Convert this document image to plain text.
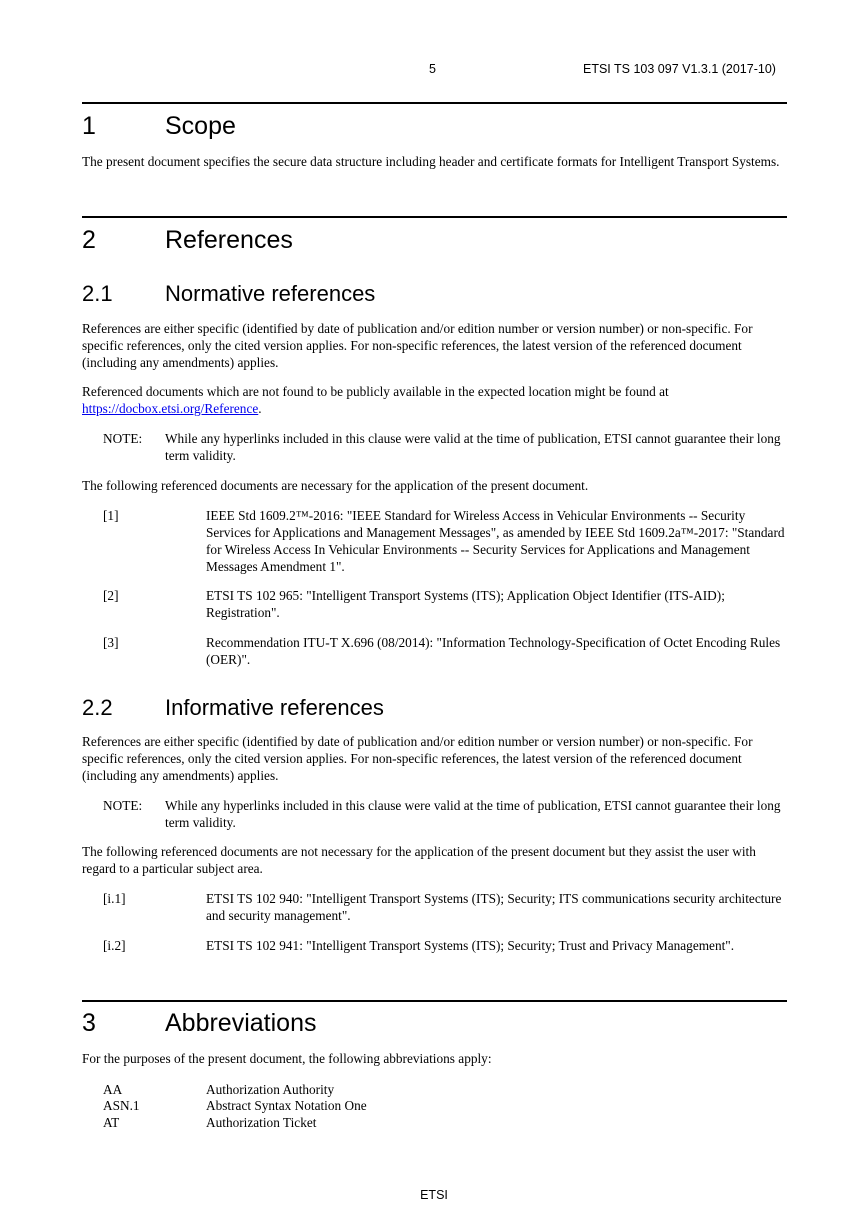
5	ETSI TS 103 097 V1.3.1 (2017-10)
1	Scope
The present document specifies the secure data structure including header and certificate formats for Intelligent Transport Systems.
2	References
2.1 Normative references
References are either specific (identified by date of publication and/or edition number or version number) or non-specific. For specific references, only the cited version applies. For non-specific references, the latest version of the referenced document (including any amendments) applies.
Referenced documents which are not found to be publicly available in the expected location might be found at https://docbox.etsi.org/Reference.
NOTE: While any hyperlinks included in this clause were valid at the time of publication, ETSI cannot guarantee their long term validity.
The following referenced documents are necessary for the application of the present document.
[1]	IEEE Std 1609.2™-2016: "IEEE Standard for Wireless Access in Vehicular Environments -- Security Services for Applications and Management Messages", as amended by IEEE Std 1609.2a™-2017: "Standard for Wireless Access In Vehicular Environments -- Security Services for Applications and Management Messages Amendment 1".
[2]	ETSI TS 102 965: "Intelligent Transport Systems (ITS); Application Object Identifier (ITS-AID); Registration".
[3]	Recommendation ITU-T X.696 (08/2014): "Information Technology-Specification of Octet Encoding Rules (OER)".
2.2 Informative references
References are either specific (identified by date of publication and/or edition number or version number) or non-specific. For specific references, only the cited version applies. For non-specific references, the latest version of the referenced document (including any amendments) applies.
NOTE: While any hyperlinks included in this clause were valid at the time of publication, ETSI cannot guarantee their long term validity.
The following referenced documents are not necessary for the application of the present document but they assist the user with regard to a particular subject area.
[i.1]	ETSI TS 102 940: "Intelligent Transport Systems (ITS); Security; ITS communications security architecture and security management".
[i.2]	ETSI TS 102 941: "Intelligent Transport Systems (ITS); Security; Trust and Privacy Management".
3	Abbreviations
For the purposes of the present document, the following abbreviations apply:
AA	Authorization Authority
ASN.1	Abstract Syntax Notation One
AT	Authorization Ticket
ETSI
